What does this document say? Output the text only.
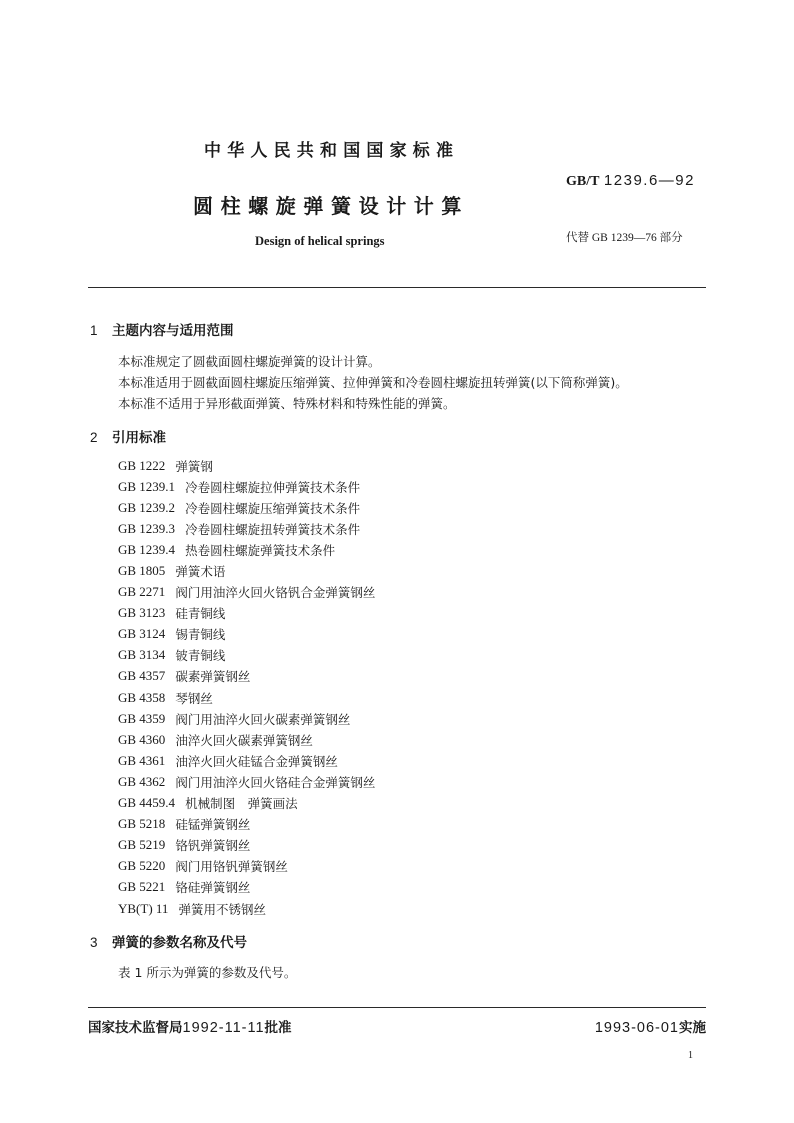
中华人民共和国国家标准
GB/T 1239.6—92
圆柱螺旋弹簧设计计算
Design of helical springs	代替 GB 1239—76 部分
1 主题内容与适用范围
本标准规定了圆截面圆柱螺旋弹簧的设计计算。
本标准适用于圆截面圆柱螺旋压缩弹簧、拉伸弹簧和冷卷圆柱螺旋扭转弹簧(以下简称弹簧)。
本标准不适用于异形截面弹簧、特殊材料和特殊性能的弹簧。
2 引用标准
GB 1222 弹簧钢
GB 1239.1 冷卷圆柱螺旋拉伸弹簧技术条件
GB 1239.2 冷卷圆柱螺旋压缩弹簧技术条件
GB 1239.3 冷卷圆柱螺旋扭转弹簧技术条件
GB 1239.4 热卷圆柱螺旋弹簧技术条件
GB 1805 弹簧术语
GB 2271 阀门用油淬火回火铬钒合金弹簧钢丝
GB 3123 硅青铜线
GB 3124 锡青铜线
GB 3134 铍青铜线
GB 4357 碳素弹簧钢丝
GB 4358 琴钢丝
GB 4359 阀门用油淬火回火碳素弹簧钢丝
GB 4360 油淬火回火碳素弹簧钢丝
GB 4361 油淬火回火硅锰合金弹簧钢丝
GB 4362 阀门用油淬火回火铬硅合金弹簧钢丝
GB 4459.4 机械制图　弹簧画法
GB 5218 硅锰弹簧钢丝
GB 5219 铬钒弹簧钢丝
GB 5220 阀门用铬钒弹簧钢丝
GB 5221 铬硅弹簧钢丝
YB(T) 11 弹簧用不锈钢丝
3 弹簧的参数名称及代号
表 1 所示为弹簧的参数及代号。
国家技术监督局1992-11-11批准	1993-06-01实施
1
